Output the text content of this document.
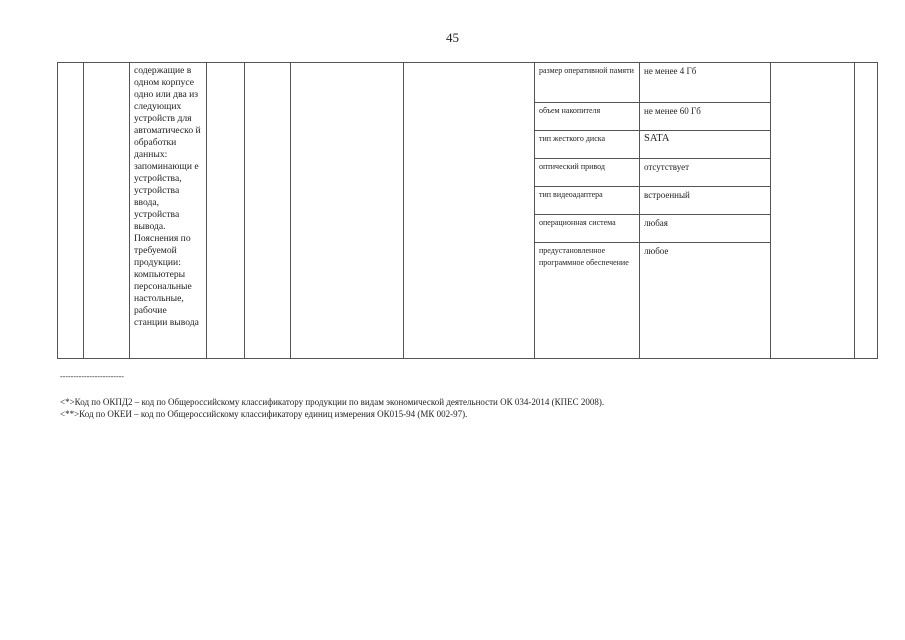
45
		содержащие в одном корпусе одно или два из следующих устройств для автоматическо й обработки данных: запоминающи е устройства, устройства ввода, устройства вывода. Пояснения по требуемой продукции: компьютеры персональные настольные, рабочие станции вывода					размер оперативной памяти	не менее 4 Гб		
							объем накопителя	не менее 60 Гб		
							тип жесткого диска	SATA		
							оптический привод	отсутствует		
							тип видеоадаптера	встроенный		
							операционная система	любая		
							предустановленное программное обеспечение	любое		
------------------------
<*>Код по ОКПД2 – код по Общероссийскому классификатору продукции по видам экономической деятельности ОК 034-2014 (КПЕС 2008).
<**>Код по ОКЕИ – код по Общероссийскому классификатору единиц измерения ОК015-94 (МК 002-97).
